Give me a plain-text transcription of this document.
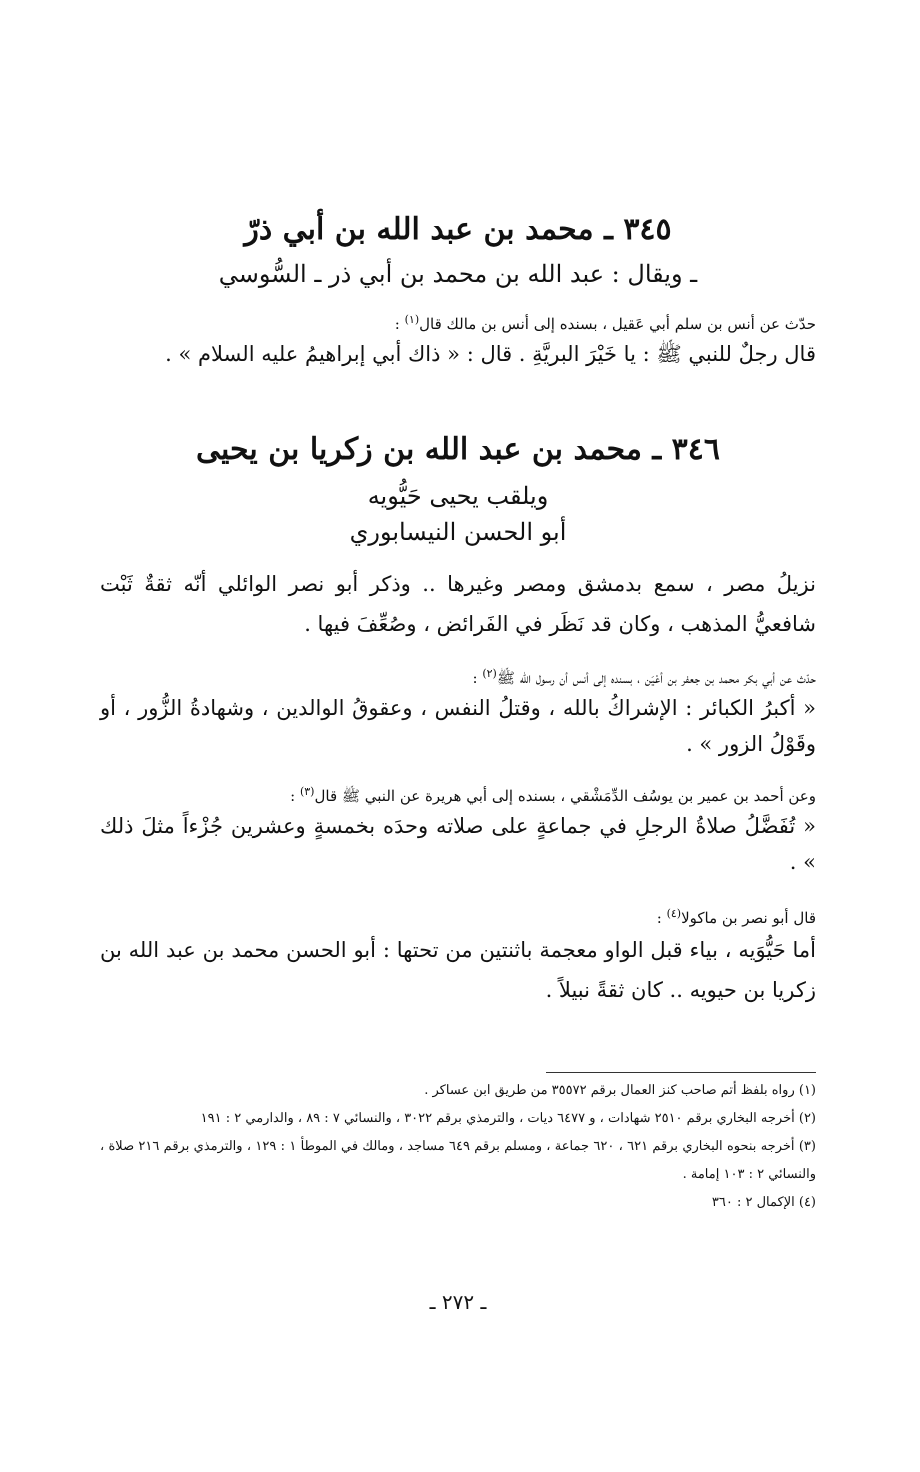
٣٤٥ ـ محمد بن عبد الله بن أبي ذرّ
ـ ويقال : عبد الله بن محمد بن أبي ذر ـ السُّوسي
حدّث عن أنس بن سلم أبي عَقيل ، بسنده إلى أنس بن مالك قال$^{(١)}$ :
قال رجلٌ للنبي ﷺ : يا خَيْرَ البريَّةِ . قال : « ذاك أبي إبراهيمُ عليه السلام » .
٣٤٦ ـ محمد بن عبد الله بن زكريا بن يحيى
ويلقب يحيى حَيُّويه
أبو الحسن النيسابوري
نزيلُ مصر ، سمع بدمشق ومصر وغيرها .. وذكر أبو نصر الوائلي أنّه ثقةٌ ثَبْت شافعيُّ المذهب ، وكان قد نَظَر في الفَرائض ، وصُعِّفَ فيها .
حدّث عن أبي بكر محمد بن جعفر بن أعْيَن ، بسنده إلى أنس أن رسول الله ﷺ$^{(٢)}$ :
« أكبرُ الكبائر : الإشراكُ بالله ، وقتلُ النفس ، وعقوقُ الوالدين ، وشهادةُ الزُّور ، أو وقَوْلُ الزور » .
وعن أحمد بن عمير بن يوسُف الدِّمَشْقي ، بسنده إلى أبي هريرة عن النبي ﷺ قال$^{(٣)}$ :
« تُفَضَّلُ صلاةُ الرجلِ في جماعةٍ على صلاته وحدَه بخمسةٍ وعشرين جُزْءاً مثلَ ذلك » .
قال أبو نصر بن ماكولا$^{(٤)}$ :
أما حَيُّوَيه ، بياء قبل الواو معجمة باثنتين من تحتها : أبو الحسن محمد بن عبد الله بن زكريا بن حيويه .. كان ثقةً نبيلاً .
(١) رواه بلفظ أتم صاحب كنز العمال برقم ٣٥٥٧٢ من طريق ابن عساكر .
(٢) أخرجه البخاري برقم ٢٥١٠ شهادات ، و ٦٤٧٧ ديات ، والترمذي برقم ٣٠٢٢ ، والنسائي ٧ : ٨٩ ، والدارمي ٢ : ١٩١
(٣) أخرجه بنحوه البخاري برقم ٦٢١ ، ٦٢٠ جماعة ، ومسلم برقم ٦٤٩ مساجد ، ومالك في الموطأ ١ : ١٢٩ ، والترمذي برقم ٢١٦ صلاة ، والنسائي ٢ : ١٠٣ إمامة .
(٤) الإكمال ٢ : ٣٦٠
ـ ٢٧٢ ـ
